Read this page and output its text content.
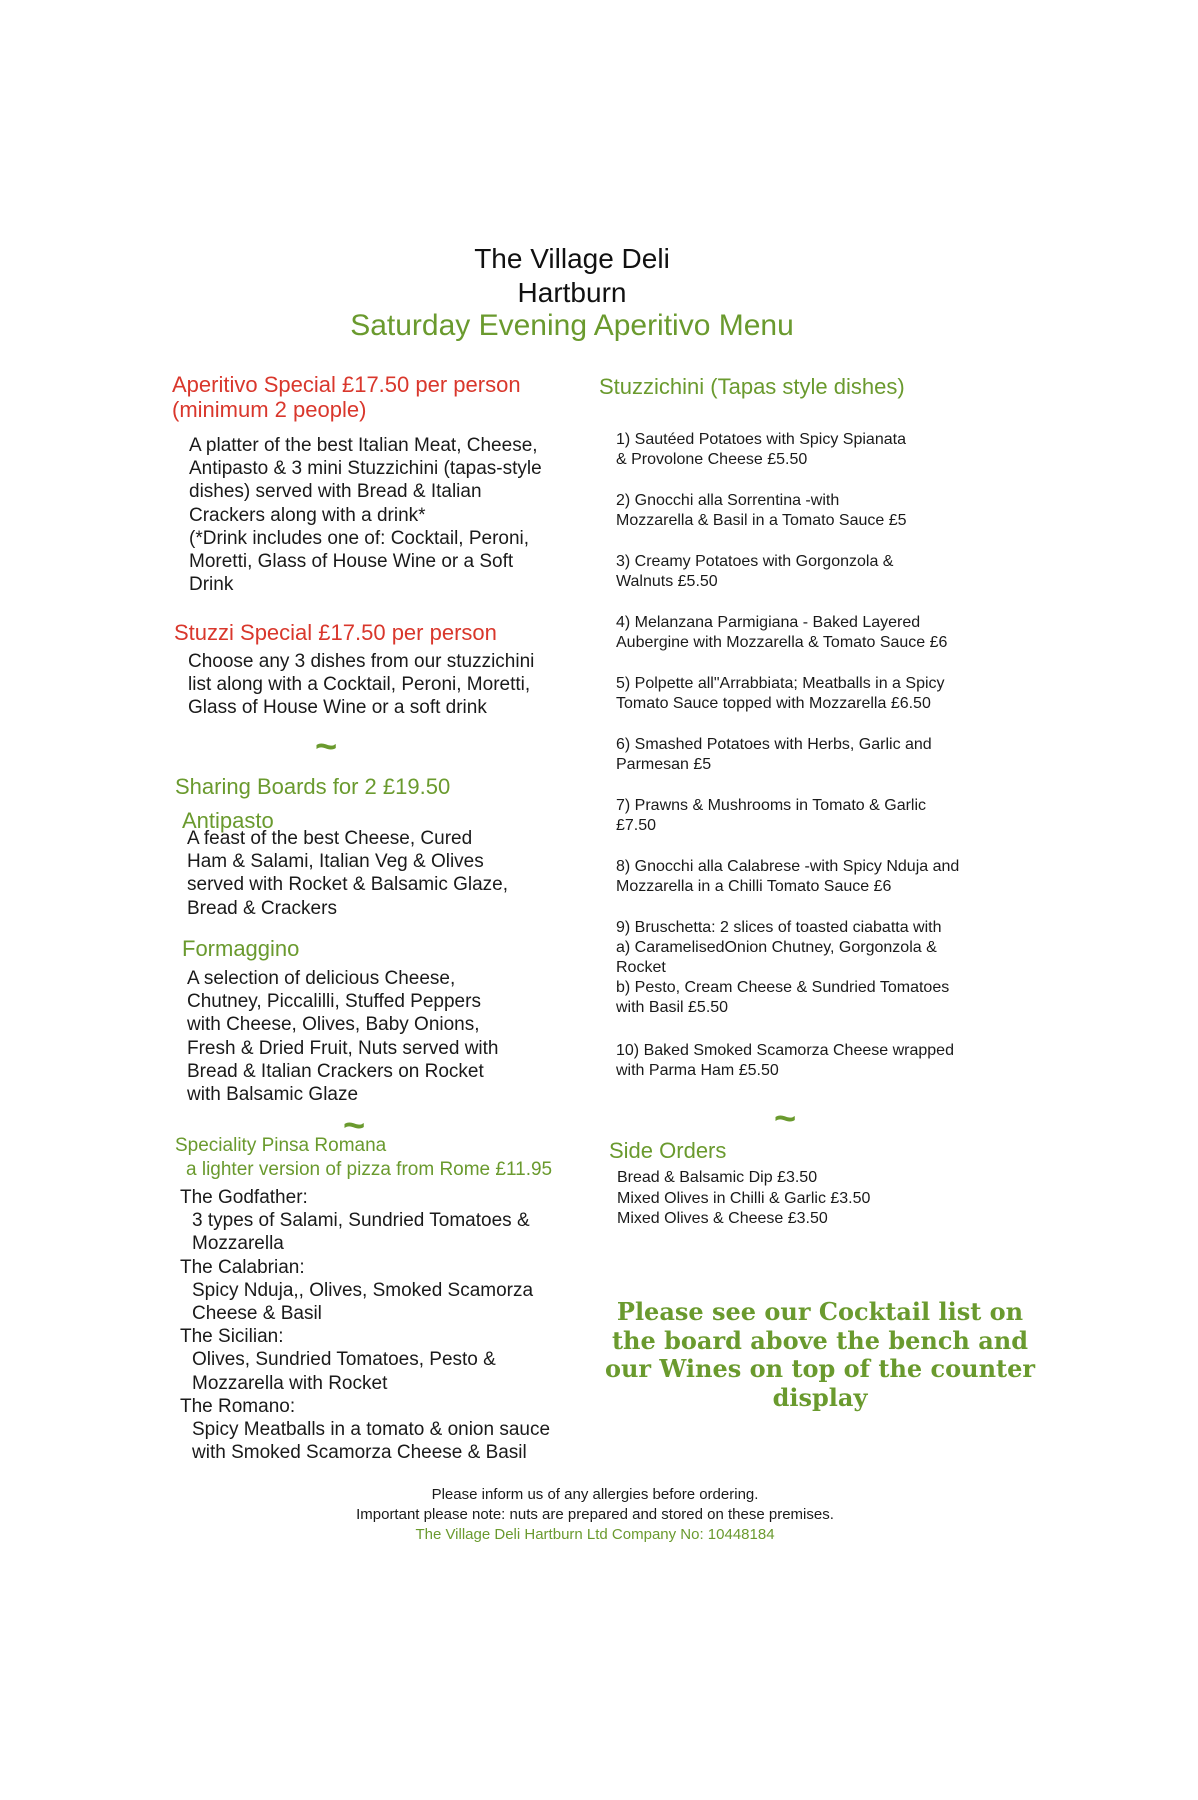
The Village Deli
Hartburn
Saturday Evening Aperitivo Menu
Aperitivo Special £17.50 per person
(minimum 2 people)
A platter of the best Italian Meat, Cheese,
Antipasto & 3 mini Stuzzichini (tapas-style
dishes) served with Bread & Italian
Crackers along with a drink*
(*Drink includes one of: Cocktail, Peroni,
Moretti, Glass of House Wine or a Soft
Drink
Stuzzi Special £17.50 per person
Choose any 3 dishes from our stuzzichini
list along with a Cocktail, Peroni, Moretti,
Glass of House Wine or a soft drink
~
Sharing Boards for 2 £19.50
Antipasto
A feast of the best Cheese, Cured
Ham & Salami, Italian Veg & Olives
served with Rocket & Balsamic Glaze,
Bread & Crackers
Formaggino
A selection of delicious Cheese,
Chutney, Piccalilli, Stuffed Peppers
with Cheese, Olives, Baby Onions,
Fresh & Dried Fruit, Nuts served with
Bread & Italian Crackers on Rocket
with Balsamic Glaze
~
Speciality Pinsa Romana
a lighter version of pizza from Rome £11.95
The Godfather:
3 types of Salami, Sundried Tomatoes &
Mozzarella
The Calabrian:
Spicy Nduja,, Olives, Smoked Scamorza
Cheese & Basil
The Sicilian:
Olives, Sundried Tomatoes, Pesto &
Mozzarella with Rocket
The Romano:
Spicy Meatballs in a tomato & onion sauce
with Smoked Scamorza Cheese & Basil
Stuzzichini (Tapas style dishes)
1) Sautéed Potatoes with Spicy Spianata
& Provolone Cheese £5.50
2) Gnocchi alla Sorrentina -with
Mozzarella & Basil in a Tomato Sauce £5
3) Creamy Potatoes with Gorgonzola &
Walnuts £5.50
4) Melanzana Parmigiana - Baked Layered
Aubergine with Mozzarella & Tomato Sauce £6
5) Polpette all"Arrabbiata; Meatballs in a Spicy
Tomato Sauce topped with Mozzarella £6.50
6) Smashed Potatoes with Herbs, Garlic and
Parmesan £5
7) Prawns & Mushrooms in Tomato & Garlic
£7.50
8) Gnocchi alla Calabrese -with Spicy Nduja and
Mozzarella in a Chilli Tomato Sauce £6
9) Bruschetta: 2 slices of toasted ciabatta with
a) CaramelisedOnion Chutney, Gorgonzola &
Rocket
b) Pesto, Cream Cheese & Sundried Tomatoes
with Basil £5.50
10) Baked Smoked Scamorza Cheese wrapped
with Parma Ham £5.50
~
Side Orders
Bread & Balsamic Dip £3.50
Mixed Olives in Chilli & Garlic £3.50
Mixed Olives & Cheese £3.50
Please see our Cocktail list on
the board above the bench and
our Wines on top of the counter
display
Please inform us of any allergies before ordering.
Important please note: nuts are prepared and stored on these premises.
The Village Deli Hartburn Ltd Company No: 10448184
